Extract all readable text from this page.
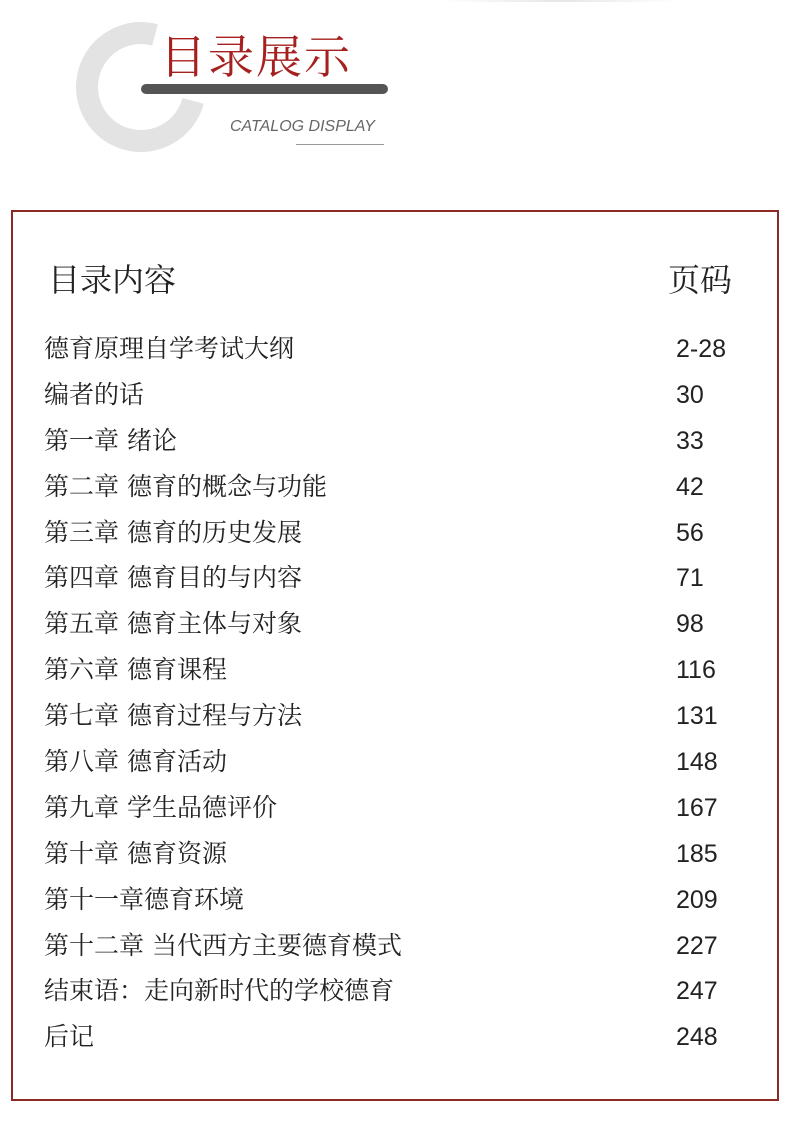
目录展示
CATALOG DISPLAY
目录内容	页码
德育原理自学考试大纲	2-28
编者的话	30
第一章 绪论	33
第二章 德育的概念与功能	42
第三章 德育的历史发展	56
第四章 德育目的与内容	71
第五章 德育主体与对象	98
第六章 德育课程	116
第七章 德育过程与方法	131
第八章 德育活动	148
第九章 学生品德评价	167
第十章 德育资源	185
第十一章德育环境	209
第十二章 当代西方主要德育模式	227
结束语：走向新时代的学校德育	247
后记	248
